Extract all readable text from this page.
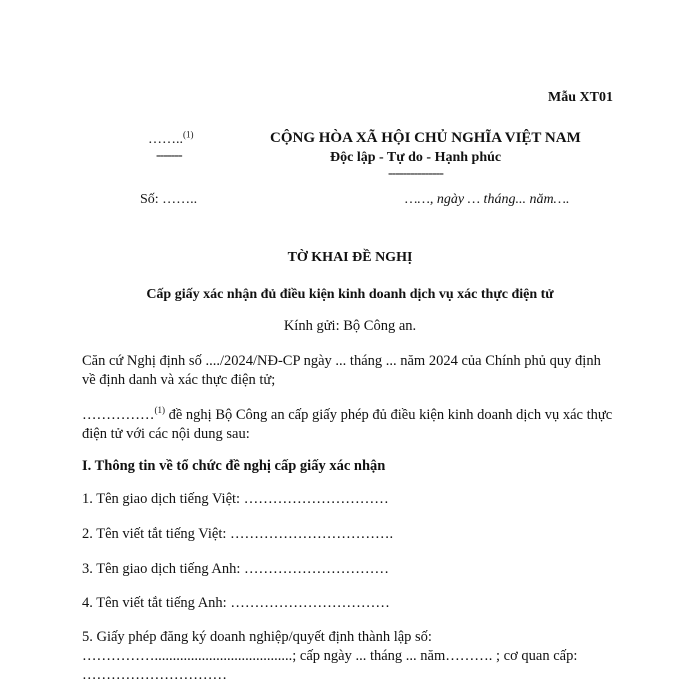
Mẫu XT01
……..$^{(1)}$
-------
CỘNG HÒA XÃ HỘI CHỦ NGHĨA VIỆT NAM
Độc lập - Tự do - Hạnh phúc
---------------
Số: ……..	……, ngày … tháng... năm….
TỜ KHAI ĐỀ NGHỊ
Cấp giấy xác nhận đủ điều kiện kinh doanh dịch vụ xác thực điện tử
Kính gửi: Bộ Công an.
Căn cứ Nghị định số ..../2024/NĐ-CP ngày ... tháng ... năm 2024 của Chính phủ quy định về định danh và xác thực điện tử;
……………$^{(1)}$ đề nghị Bộ Công an cấp giấy phép đủ điều kiện kinh doanh dịch vụ xác thực điện tử với các nội dung sau:
I. Thông tin về tổ chức đề nghị cấp giấy xác nhận
1. Tên giao dịch tiếng Việt: …………………………
2. Tên viết tắt tiếng Việt: …………………………….
3. Tên giao dịch tiếng Anh: …………………………
4. Tên viết tắt tiếng Anh: ……………………………
5. Giấy phép đăng ký doanh nghiệp/quyết định thành lập số:
……………......................................; cấp ngày ... tháng ... năm………. ; cơ quan cấp:
…………………………
